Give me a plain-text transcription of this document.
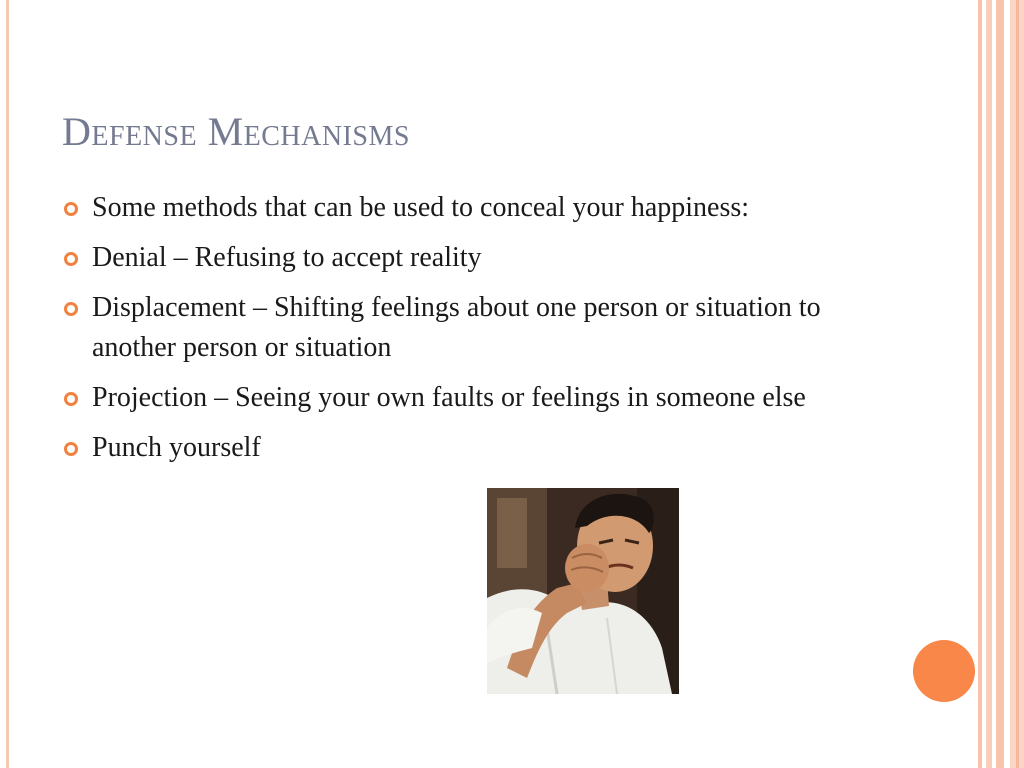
Defense Mechanisms
Some methods that can be used to conceal your happiness:
Denial – Refusing to accept reality
Displacement – Shifting feelings about one person or situation to another person or situation
Projection – Seeing your own faults or feelings in someone else
Punch yourself
